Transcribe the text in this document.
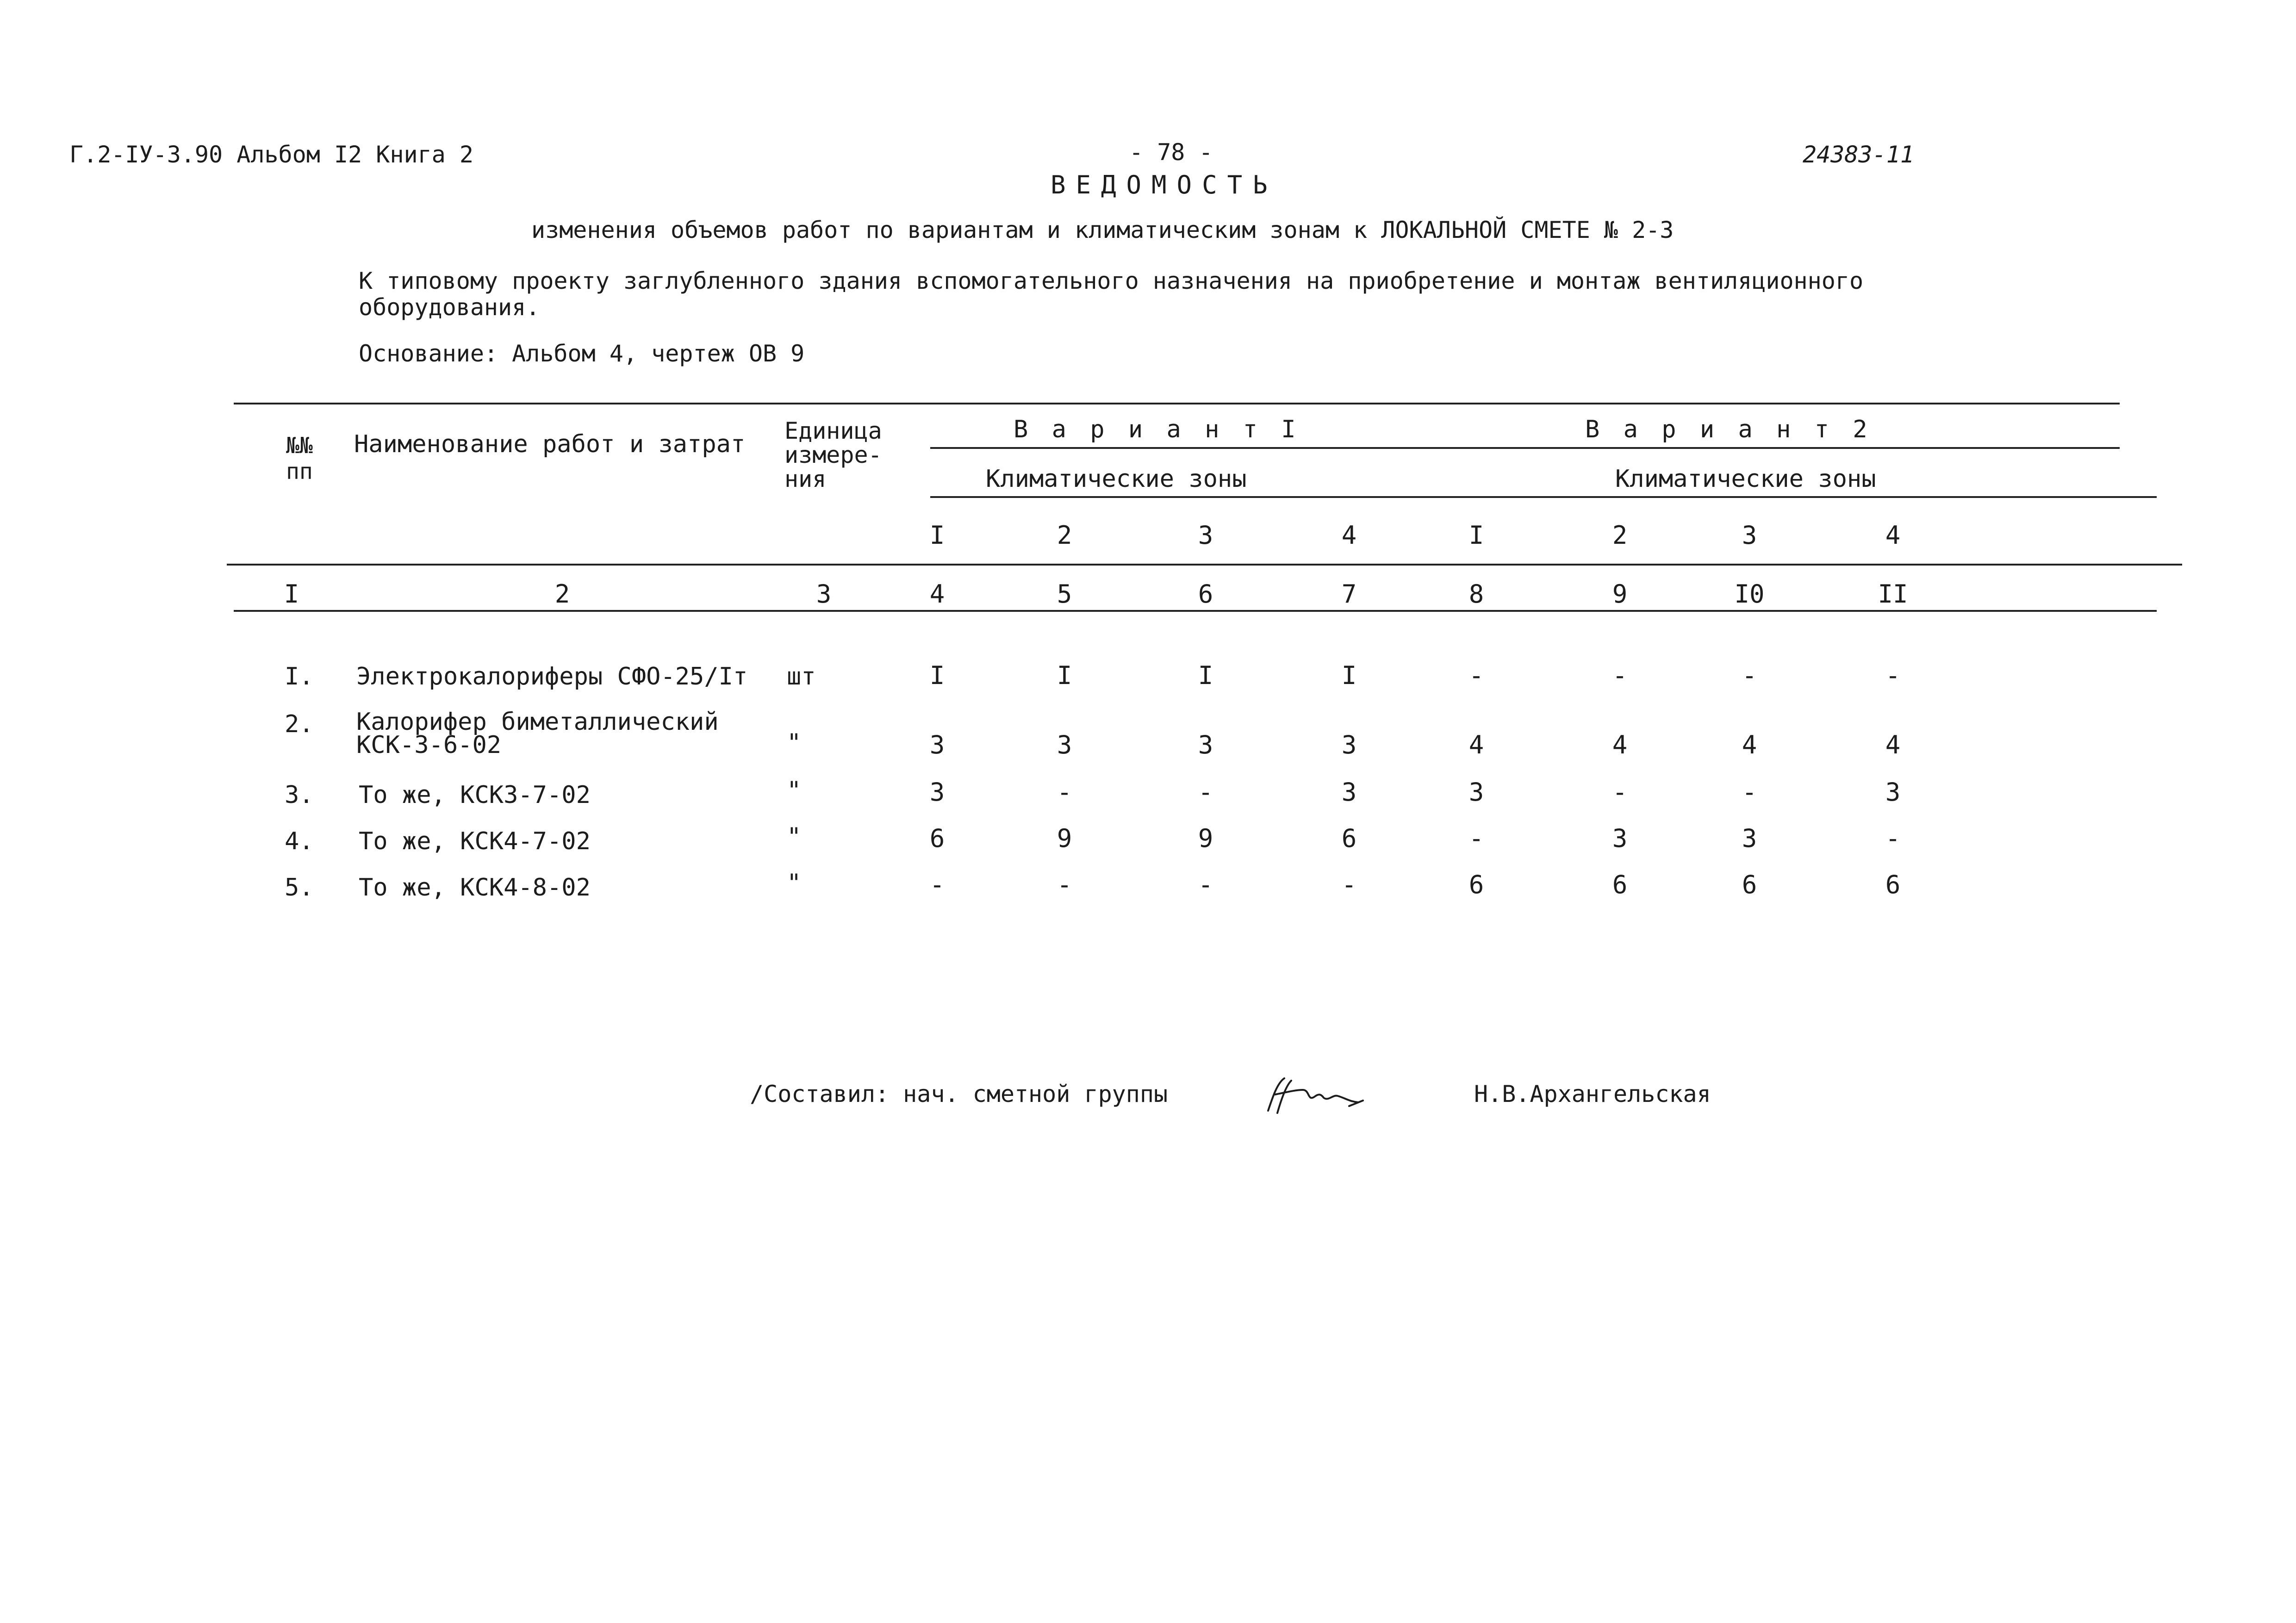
Г.2-IУ-3.90 Альбом I2 Книга 2	- 78 -	24383-11
ВЕДОМОСТЬ
изменения объемов работ по вариантам и климатическим зонам к ЛОКАЛЬНОЙ СМЕТЕ № 2-3
К типовому проекту заглубленного здания вспомогательного назначения на приобретение и монтаж вентиляционного
оборудования.
Основание: Альбом 4, чертеж ОВ 9
№№
пп
Наименование работ и затрат Единица
измере-
ния
В а р и а н т I	В а р и а н т 2
Климатические зоны	Климатические зоны
I	2	3	4	I	2	3	4
I	2	3	4	5	6	7	8	9	I0	II
I. Электрокалориферы СФО-25/Iт шт	I	I	I	I	-	-	-	-
2. Калорифер биметаллический
КСК-3-6-02	"	3	3	3	3	4	4	4	4
3. То же, КСКЗ-7-02	"	3	-	-	3	3	-	-	3
4. То же, КСК4-7-02	"	6	9	9	6	-	3	3	-
5. То же, КСК4-8-02	"	-	-	-	-	6	6	6	6
/Составил: нач. сметной группы	Н.В.Архангельская
